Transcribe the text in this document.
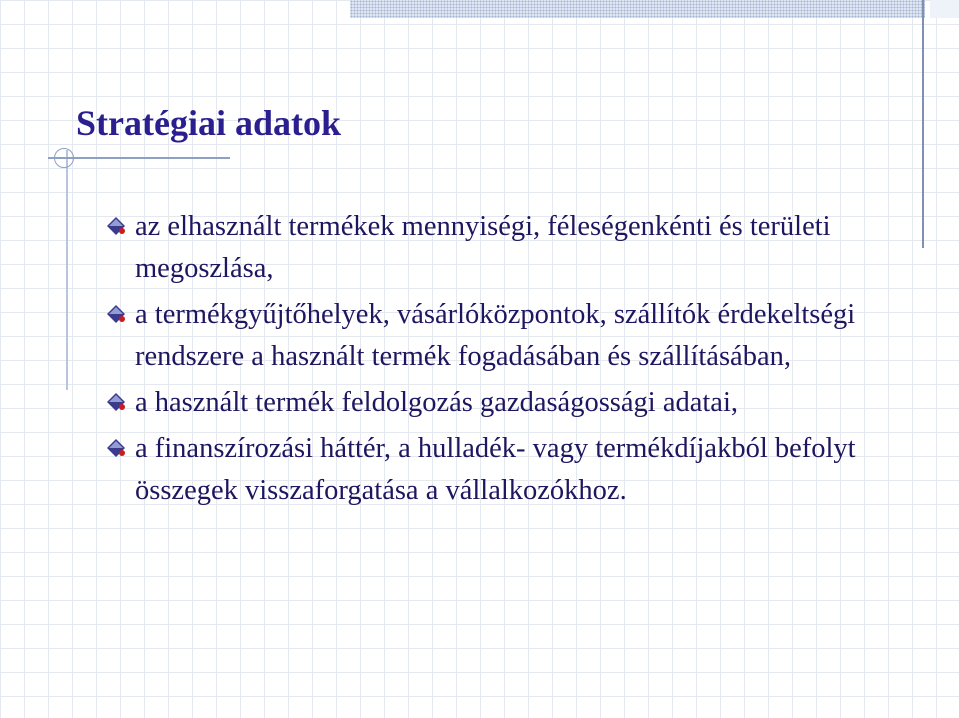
Stratégiai adatok
az elhasznált termékek mennyiségi, féleségenkénti és területi megoszlása,
a termékgyűjtőhelyek, vásárlóközpontok, szállítók érdekeltségi rendszere a használt termék fogadásában és szállításában,
a használt termék feldolgozás gazdaságossági adatai,
a finanszírozási háttér, a hulladék- vagy termékdíjakból befolyt összegek visszaforgatása a vállalkozókhoz.
